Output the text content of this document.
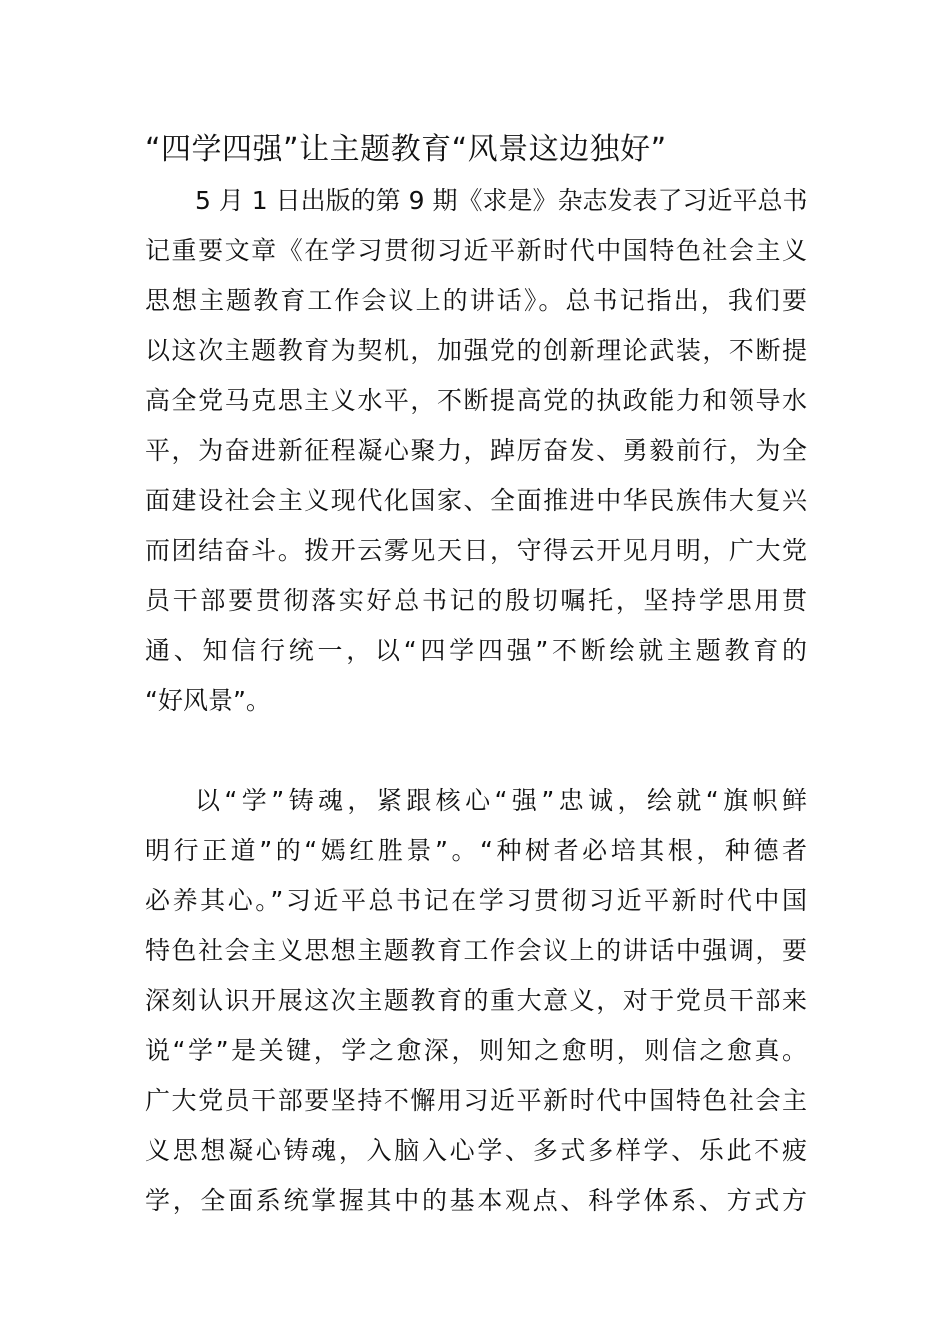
“四学四强”让主题教育“风景这边独好”
5 月 1 日出版的第 9 期《求是》杂志发表了习近平总书
记重要文章《在学习贯彻习近平新时代中国特色社会主义
思想主题教育工作会议上的讲话》。总书记指出，我们要
以这次主题教育为契机，加强党的创新理论武装，不断提
高全党马克思主义水平，不断提高党的执政能力和领导水
平，为奋进新征程凝心聚力，踔厉奋发、勇毅前行，为全
面建设社会主义现代化国家、全面推进中华民族伟大复兴
而团结奋斗。拨开云雾见天日，守得云开见月明，广大党
员干部要贯彻落实好总书记的殷切嘱托，坚持学思用贯
通、知信行统一，以“四学四强”不断绘就主题教育的
“好风景”。
以“学”铸魂，紧跟核心“强”忠诚，绘就“旗帜鲜
明行正道”的“嫣红胜景”。“种树者必培其根，种德者
必养其心。”习近平总书记在学习贯彻习近平新时代中国
特色社会主义思想主题教育工作会议上的讲话中强调，要
深刻认识开展这次主题教育的重大意义，对于党员干部来
说“学”是关键，学之愈深，则知之愈明，则信之愈真。
广大党员干部要坚持不懈用习近平新时代中国特色社会主
义思想凝心铸魂，入脑入心学、多式多样学、乐此不疲
学，全面系统掌握其中的基本观点、科学体系、方式方
